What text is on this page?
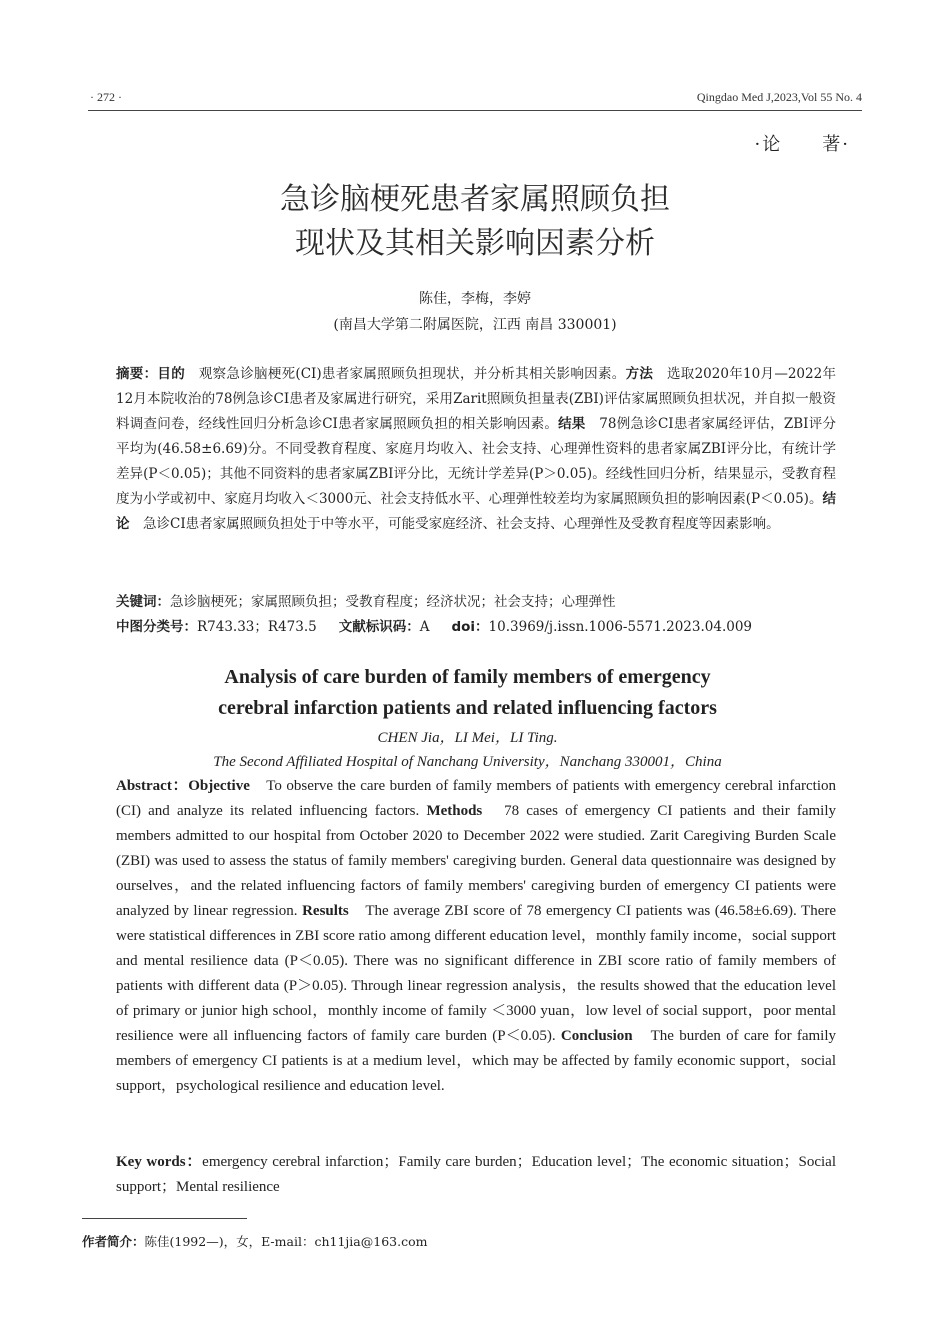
· 272 ·	Qingdao Med J,2023,Vol 55 No. 4
·论　　著·
急诊脑梗死患者家属照顾负担
现状及其相关影响因素分析
陈佳，李梅，李婷
(南昌大学第二附属医院，江西 南昌 330001)
摘要：目的　观察急诊脑梗死(CI)患者家属照顾负担现状，并分析其相关影响因素。方法　选取2020年10月—2022年12月本院收治的78例急诊CI患者及家属进行研究，采用Zarit照顾负担量表(ZBI)评估家属照顾负担状况，并自拟一般资料调查问卷，经线性回归分析急诊CI患者家属照顾负担的相关影响因素。结果　78例急诊CI患者家属经评估，ZBI评分平均为(46.58±6.69)分。不同受教育程度、家庭月均收入、社会支持、心理弹性资料的患者家属ZBI评分比，有统计学差异(P＜0.05)；其他不同资料的患者家属ZBI评分比，无统计学差异(P＞0.05)。经线性回归分析，结果显示，受教育程度为小学或初中、家庭月均收入＜3000元、社会支持低水平、心理弹性较差均为家属照顾负担的影响因素(P＜0.05)。结论　急诊CI患者家属照顾负担处于中等水平，可能受家庭经济、社会支持、心理弹性及受教育程度等因素影响。
关键词：急诊脑梗死；家属照顾负担；受教育程度；经济状况；社会支持；心理弹性
中图分类号：R743.33；R473.5 文献标识码：A doi：10.3969/j.issn.1006-5571.2023.04.009
Analysis of care burden of family members of emergency
cerebral infarction patients and related influencing factors
CHEN Jia，LI Mei，LI Ting.
The Second Affiliated Hospital of Nanchang University，Nanchang 330001，China
Abstract：Objective　To observe the care burden of family members of patients with emergency cerebral infarction (CI) and analyze its related influencing factors. Methods　78 cases of emergency CI patients and their family members admitted to our hospital from October 2020 to December 2022 were studied. Zarit Caregiving Burden Scale (ZBI) was used to assess the status of family members' caregiving burden. General data questionnaire was designed by ourselves，and the related influencing factors of family members' caregiving burden of emergency CI patients were analyzed by linear regression. Results　The average ZBI score of 78 emergency CI patients was (46.58±6.69). There were statistical differences in ZBI score ratio among different education level，monthly family income，social support and mental resilience data (P＜0.05). There was no significant difference in ZBI score ratio of family members of patients with different data (P＞0.05). Through linear regression analysis，the results showed that the education level of primary or junior high school，monthly income of family ＜3000 yuan，low level of social support，poor mental resilience were all influencing factors of family care burden (P＜0.05). Conclusion　The burden of care for family members of emergency CI patients is at a medium level，which may be affected by family economic support，social support，psychological resilience and education level.
Key words：emergency cerebral infarction；Family care burden；Education level；The economic situation；Social support；Mental resilience
作者简介：陈佳(1992—)，女，E-mail：ch11jia@163.com
